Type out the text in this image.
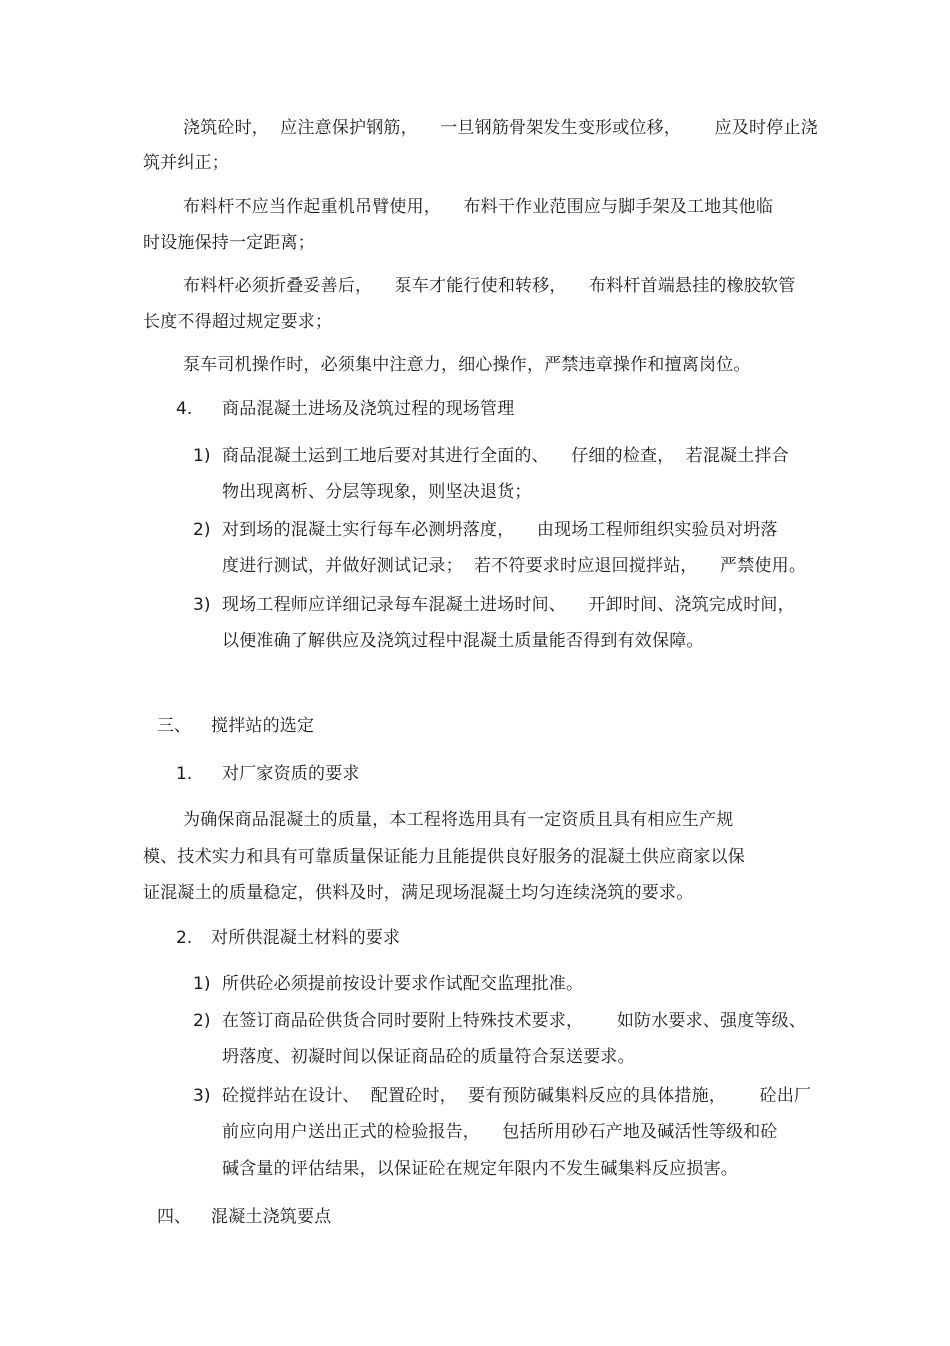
浇筑砼时，  应注意保护钢筋，    一旦钢筋骨架发生变形或位移，      应及时停止浇
筑并纠正；
布料杆不应当作起重机吊臂使用，    布料干作业范围应与脚手架及工地其他临
时设施保持一定距离；
布料杆必须折叠妥善后，    泵车才能行使和转移，    布料杆首端悬挂的橡胶软管
长度不得超过规定要求；
泵车司机操作时，必须集中注意力，细心操作，严禁违章操作和擅离岗位。
4. 商品混凝土进场及浇筑过程的现场管理
1) 商品混凝土运到工地后要对其进行全面的、    仔细的检查，  若混凝土拌合
物出现离析、分层等现象，则坚决退货；
2) 对到场的混凝土实行每车必测坍落度，    由现场工程师组织实验员对坍落
度进行测试，并做好测试记录；  若不符要求时应退回搅拌站，    严禁使用。
3) 现场工程师应详细记录每车混凝土进场时间、    开卸时间、浇筑完成时间，
以便准确了解供应及浇筑过程中混凝土质量能否得到有效保障。
三、 搅拌站的选定
1. 对厂家资质的要求
为确保商品混凝土的质量，本工程将选用具有一定资质且具有相应生产规
模、技术实力和具有可靠质量保证能力且能提供良好服务的混凝土供应商家以保
证混凝土的质量稳定，供料及时，满足现场混凝土均匀连续浇筑的要求。
2. 对所供混凝土材料的要求
1) 所供砼必须提前按设计要求作试配交监理批准。
2) 在签订商品砼供货合同时要附上特殊技术要求，      如防水要求、强度等级、
坍落度、初凝时间以保证商品砼的质量符合泵送要求。
3) 砼搅拌站在设计、  配置砼时，  要有预防碱集料反应的具体措施，      砼出厂
前应向用户送出正式的检验报告，    包括所用砂石产地及碱活性等级和砼
碱含量的评估结果，以保证砼在规定年限内不发生碱集料反应损害。
四、 混凝土浇筑要点
